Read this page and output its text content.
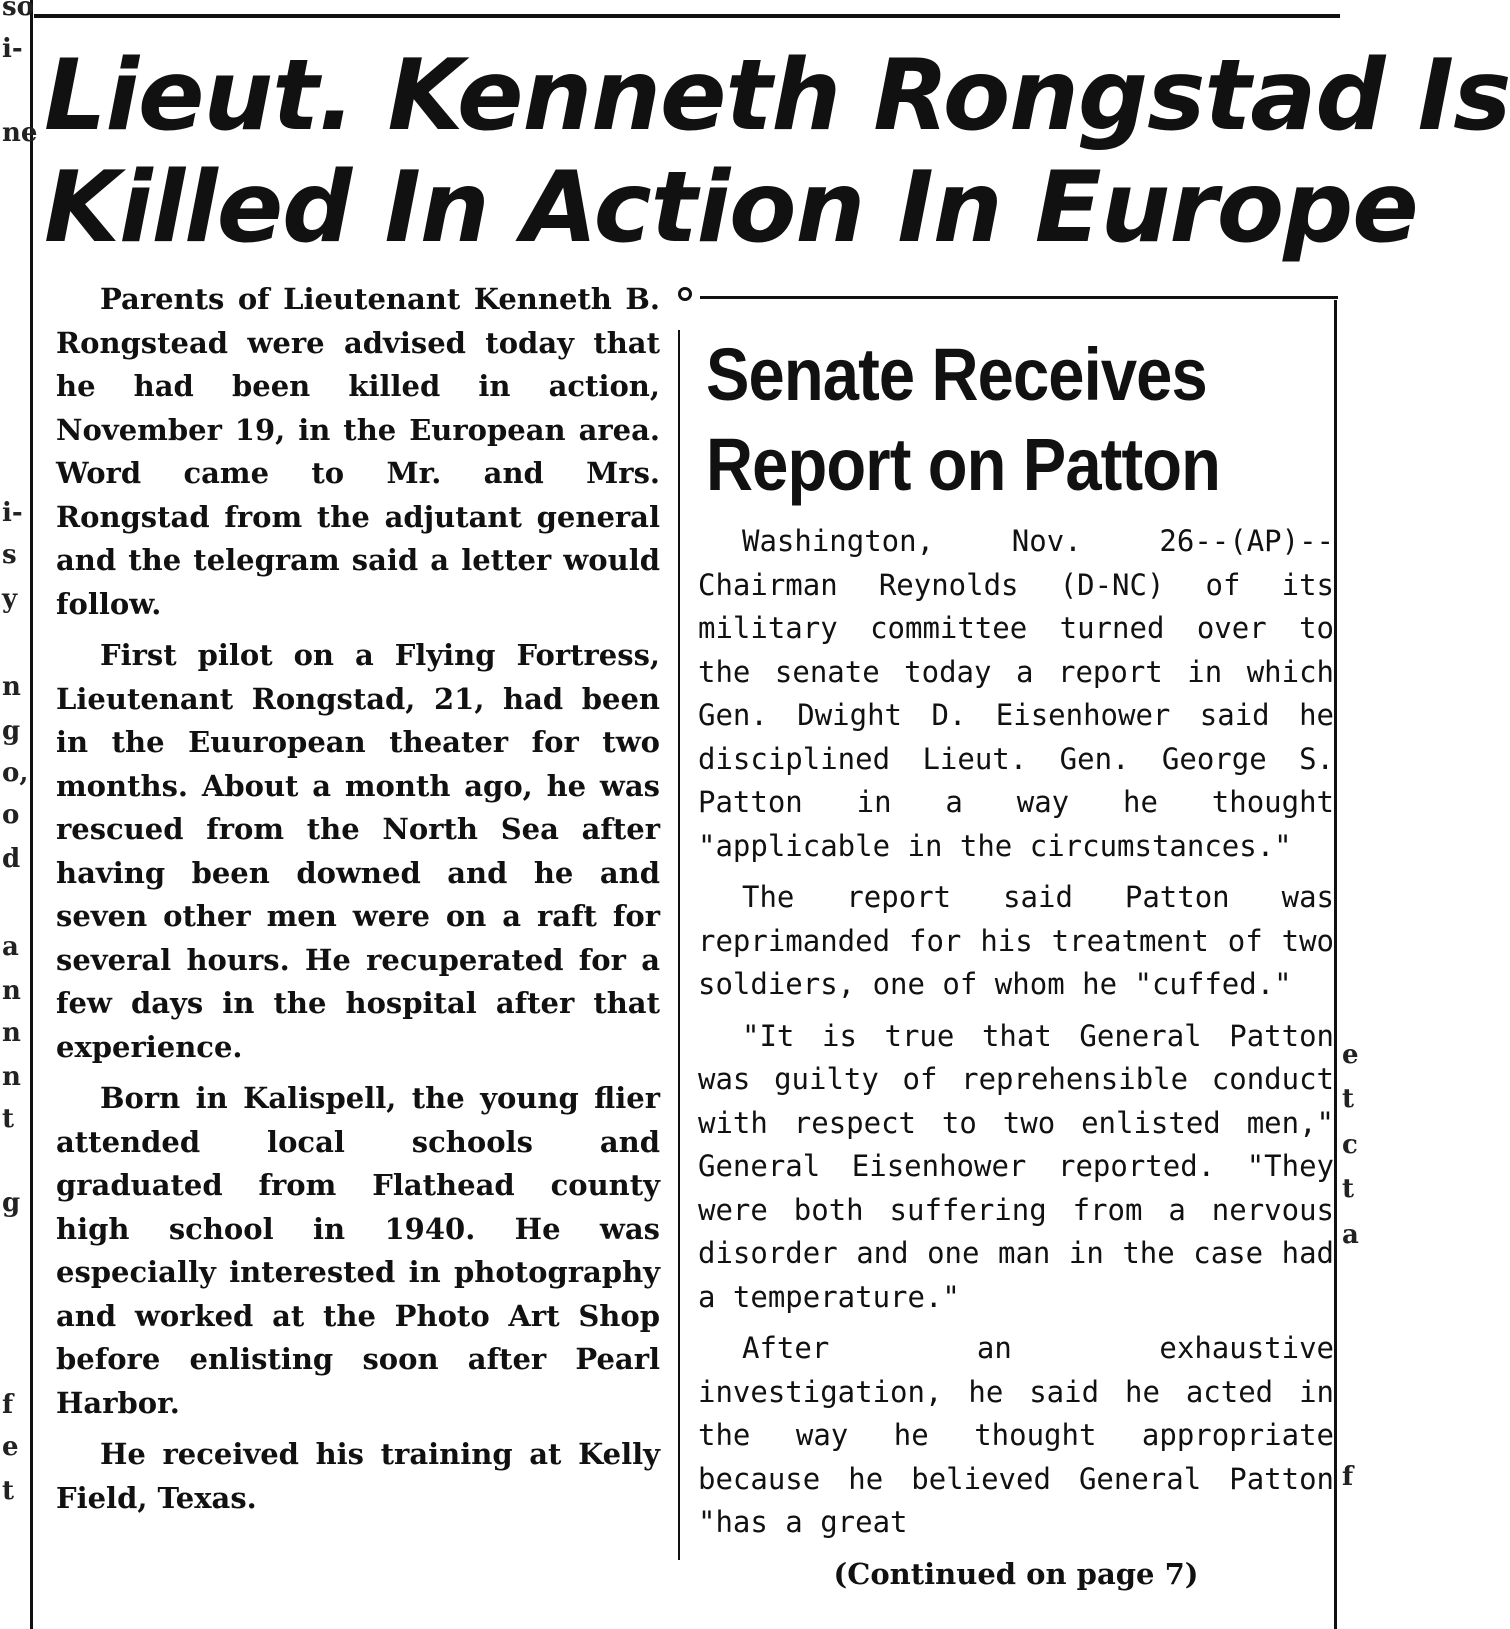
so
i-
ne
i-
s
y
n
g
o,
o
d
a
n
n
n
t
g
f
e
t
e
t
c
t
a
f
Lieut. Kenneth Rongstad Is
Killed In Action In Europe

Parents of Lieutenant Kenneth B. Rongstead were advised today that he had been killed in action, November 19, in the European area. Word came to Mr. and Mrs. Rongstad from the adjutant general and the telegram said a letter would follow.

First pilot on a Flying Fortress, Lieutenant Rongstad, 21, had been in the Euuropean theater for two months. About a month ago, he was rescued from the North Sea after having been downed and he and seven other men were on a raft for several hours. He recuperated for a few days in the hospital after that experience.

Born in Kalispell, the young flier attended local schools and graduated from Flathead county high school in 1940. He was especially interested in photography and worked at the Photo Art Shop before enlisting soon after Pearl Harbor.

He received his training at Kelly Field, Texas.

Senate Receives
Report on Patton

Washington, Nov. 26--(AP)--Chairman Reynolds (D-NC) of its military committee turned over to the senate today a report in which Gen. Dwight D. Eisenhower said he disciplined Lieut. Gen. George S. Patton in a way he thought "applicable in the circumstances."

The report said Patton was reprimanded for his treatment of two soldiers, one of whom he "cuffed."

"It is true that General Patton was guilty of reprehensible conduct with respect to two enlisted men," General Eisenhower reported. "They were both suffering from a nervous disorder and one man in the case had a temperature."

After an exhaustive investigation, he said he acted in the way he thought appropriate because he believed General Patton "has a great

(Continued on page 7)
